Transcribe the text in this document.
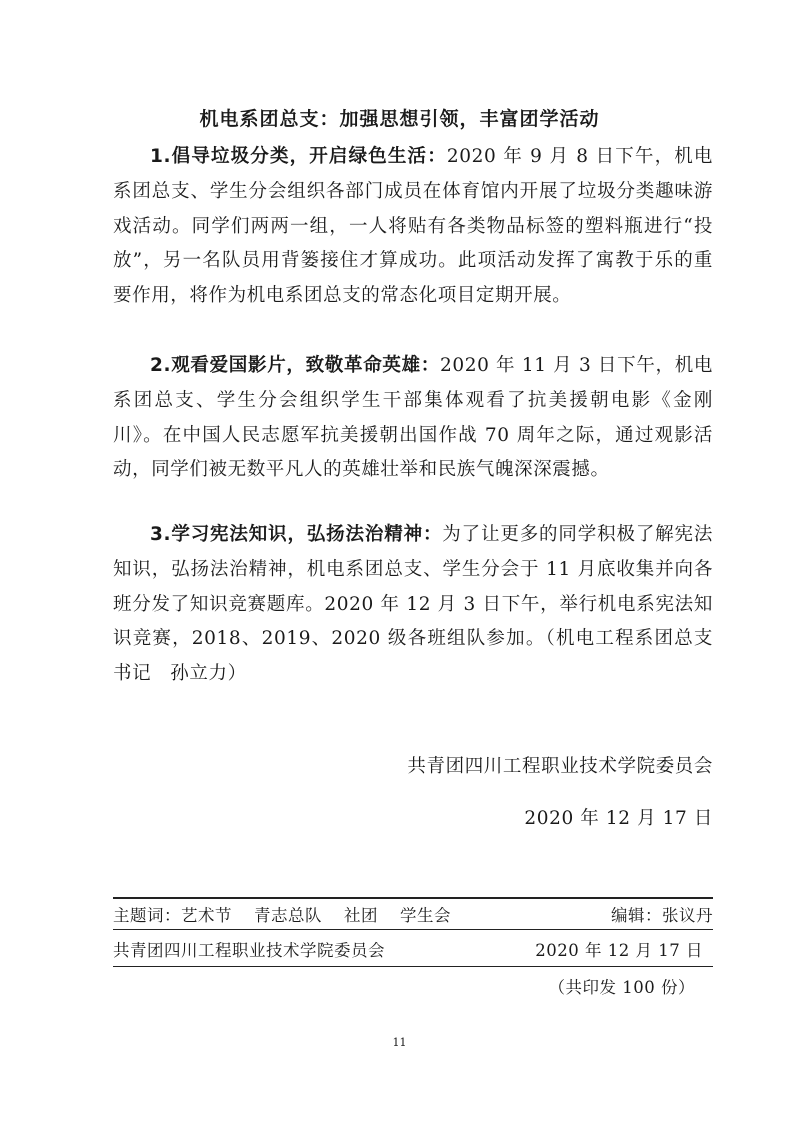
机电系团总支：加强思想引领，丰富团学活动
1.倡导垃圾分类，开启绿色生活：2020 年 9 月 8 日下午，机电系团总支、学生分会组织各部门成员在体育馆内开展了垃圾分类趣味游戏活动。同学们两两一组，一人将贴有各类物品标签的塑料瓶进行“投放”，另一名队员用背篓接住才算成功。此项活动发挥了寓教于乐的重要作用，将作为机电系团总支的常态化项目定期开展。
2.观看爱国影片，致敬革命英雄：2020 年 11 月 3 日下午，机电系团总支、学生分会组织学生干部集体观看了抗美援朝电影《金刚川》。在中国人民志愿军抗美援朝出国作战 70 周年之际，通过观影活动，同学们被无数平凡人的英雄壮举和民族气魄深深震撼。
3.学习宪法知识，弘扬法治精神：为了让更多的同学积极了解宪法知识，弘扬法治精神，机电系团总支、学生分会于 11 月底收集并向各班分发了知识竞赛题库。2020 年 12 月 3 日下午，举行机电系宪法知识竞赛，2018、2019、2020 级各班组队参加。（机电工程系团总支书记　孙立力）
共青团四川工程职业技术学院委员会
2020 年 12 月 17 日
主题词：艺术节 青志总队 社团 学生会	编辑：张议丹
共青团四川工程职业技术学院委员会	2020 年 12 月 17 日
（共印发 100 份）
11
